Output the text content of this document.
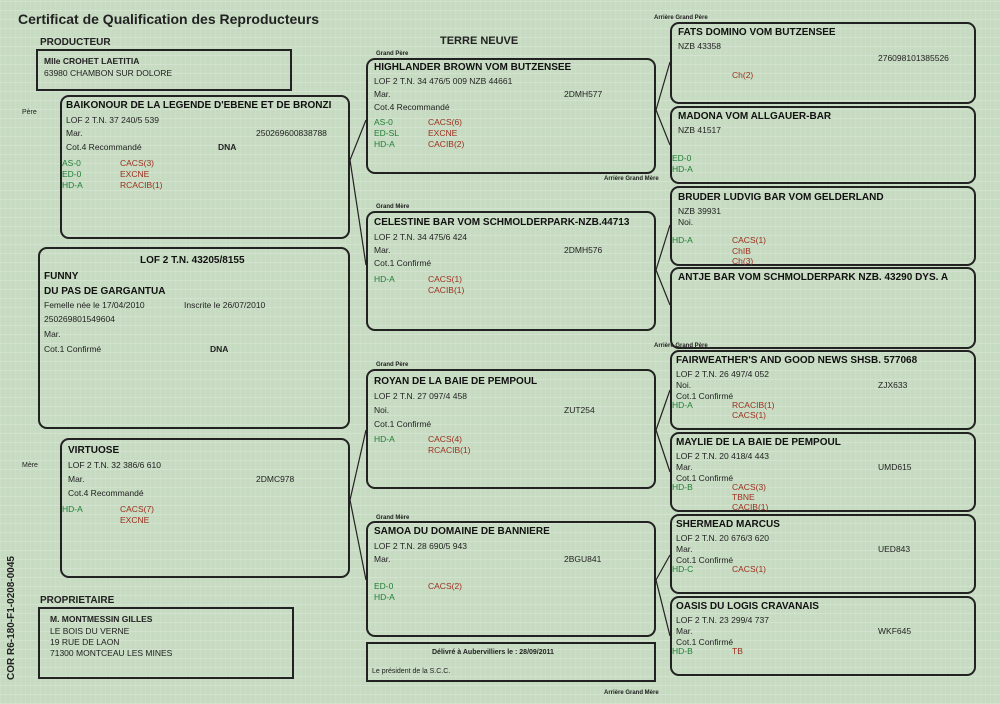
Certificat de Qualification des Reproducteurs
TERRE NEUVE
PRODUCTEUR
Mlle CROHET LAETITIA
63980 CHAMBON SUR DOLORE
Père
BAIKONOUR DE LA LEGENDE D'EBENE ET DE BRONZI
LOF 2 T.N. 37 240/5 539
Mar.	250269600838788
Cot.4 Recommandé	DNA
AS-0
ED-0
HD-A
CACS(3)
EXCNE
RCACIB(1)
LOF 2 T.N. 43205/8155
FUNNY
DU PAS DE GARGANTUA
Femelle née le 17/04/2010	Inscrite le 26/07/2010
250269801549604
Mar.
Cot.1 Confirmé	DNA
Mère
VIRTUOSE
LOF 2 T.N. 32 386/6 610
Mar.	2DMC978
Cot.4 Recommandé
HD-A	CACS(7)
EXCNE
PROPRIETAIRE
M. MONTMESSIN GILLES
LE BOIS DU VERNE
19 RUE DE LAON
71300 MONTCEAU LES MINES
COR R6-180-F1-0208-0045	Délivré à Aubervilliers le : 28/09/2011
Le président de la S.C.C.
Grand Père
HIGHLANDER BROWN VOM BUTZENSEE
LOF 2 T.N. 34 476/5 009 NZB 44661
Mar.	2DMH577
Cot.4 Recommandé
AS-0
ED-SL
HD-A
CACS(6)
EXCNE
CACIB(2)
Grand Mère
CELESTINE BAR VOM SCHMOLDERPARK-NZB.44713
LOF 2 T.N. 34 475/6 424
Mar.	2DMH576
Cot.1 Confirmé
HD-A	CACS(1)
CACIB(1)
Grand Père
ROYAN DE LA BAIE DE PEMPOUL
LOF 2 T.N. 27 097/4 458
Noi.	ZUT254
Cot.1 Confirmé
HD-A	CACS(4)
RCACIB(1)
Grand Mère
SAMOA DU DOMAINE DE BANNIERE
LOF 2 T.N. 28 690/5 943
Mar.	2BGU841
ED-0
HD-A
CACS(2)
Arrière Grand Père
FATS DOMINO VOM BUTZENSEE
NZB 43358
276098101385526
Ch(2)
MADONA VOM ALLGAUER-BAR
NZB 41517
ED-0
HD-A
Arrière Grand Mère
BRUDER LUDVIG BAR VOM GELDERLAND
NZB 39931
Noi.
HD-A	CACS(1)
ChIB
Ch(3)
ANTJE BAR VOM SCHMOLDERPARK NZB. 43290 DYS. A
Arrière Grand Père
FAIRWEATHER'S AND GOOD NEWS SHSB. 577068
LOF 2 T.N. 26 497/4 052
Noi.	ZJX633
Cot.1 Confirmé
HD-A	RCACIB(1)
CACS(1)
MAYLIE DE LA BAIE DE PEMPOUL
LOF 2 T.N. 20 418/4 443
Mar.	UMD615
Cot.1 Confirmé
HD-B	CACS(3)
TBNE
CACIB(1)
SHERMEAD MARCUS
LOF 2 T.N. 20 676/3 620
Mar.	UED843
Cot.1 Confirmé
HD-C	CACS(1)
OASIS DU LOGIS CRAVANAIS
LOF 2 T.N. 23 299/4 737
Mar.	WKF645
Cot.1 Confirmé
HD-B	TB
Arrière Grand Mère
